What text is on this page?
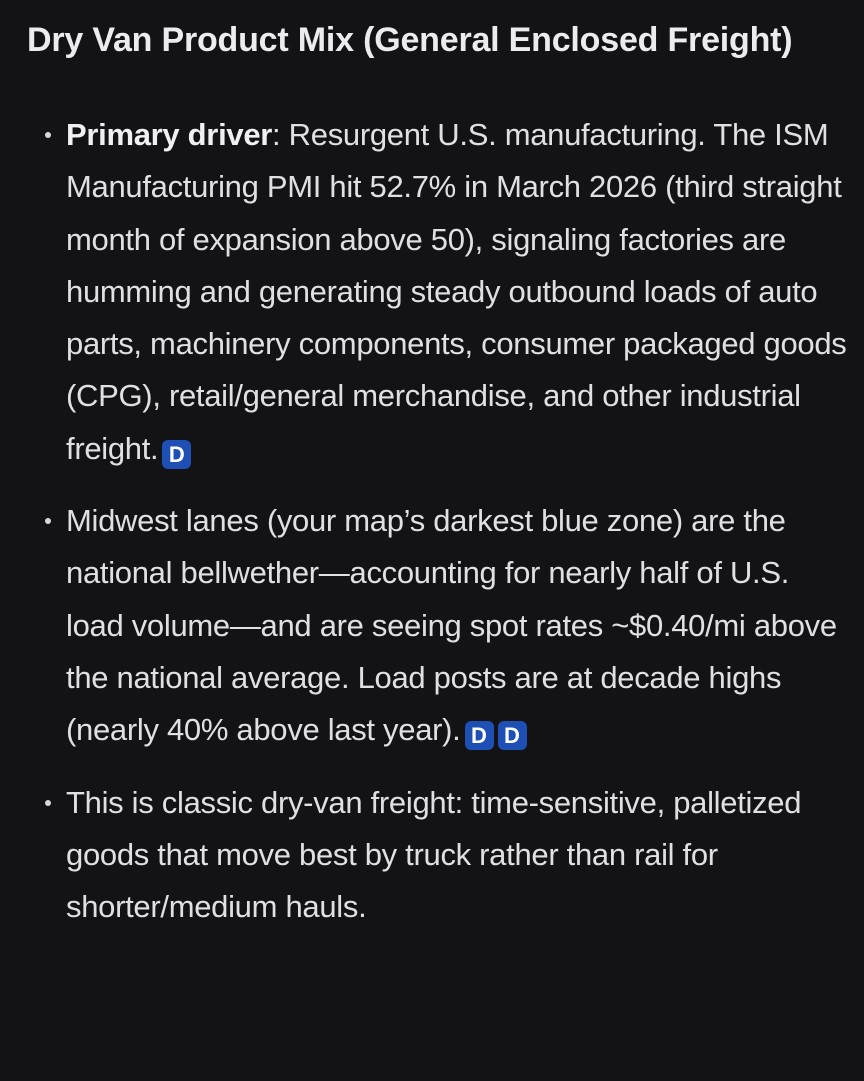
Dry Van Product Mix (General Enclosed Freight)
Primary driver: Resurgent U.S. manufacturing. The ISM Manufacturing PMI hit 52.7% in March 2026 (third straight month of expansion above 50), signaling factories are humming and generating steady outbound loads of auto parts, machinery components, consumer packaged goods (CPG), retail/general merchandise, and other industrial freight. D
Midwest lanes (your map’s darkest blue zone) are the national bellwether—accounting for nearly half of U.S. load volume—and are seeing spot rates ~$0.40/mi above the national average. Load posts are at decade highs (nearly 40% above last year). D D
This is classic dry-van freight: time-sensitive, palletized goods that move best by truck rather than rail for shorter/medium hauls.
